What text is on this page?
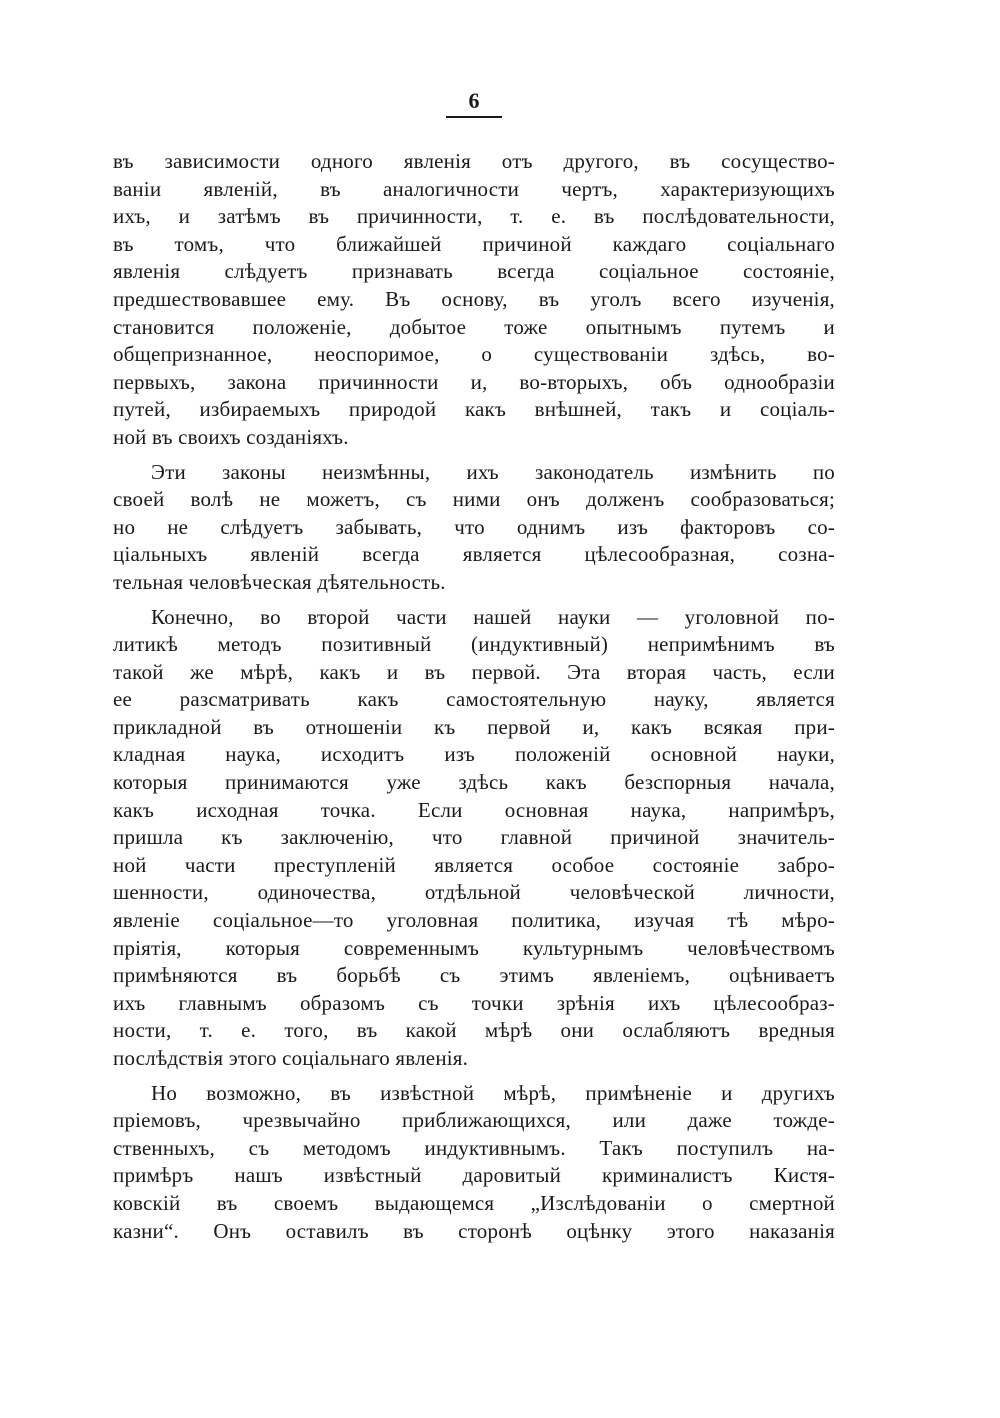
6
въ зависимости одного явленія отъ другого, въ сосущество-
ваніи явленій, въ аналогичности чертъ, характеризующихъ
ихъ, и затѣмъ въ причинности, т. е. въ послѣдовательности,
въ томъ, что ближайшей причиной каждаго соціальнаго
явленія слѣдуетъ признавать всегда соціальное состояніе,
предшествовавшее ему. Въ основу, въ уголъ всего изученія,
становится положеніе, добытое тоже опытнымъ путемъ и
общепризнанное, неоспоримое, о существованіи здѣсь, во-
первыхъ, закона причинности и, во-вторыхъ, объ однообразіи
путей, избираемыхъ природой какъ внѣшней, такъ и соціаль-
ной въ своихъ созданіяхъ.
Эти законы неизмѣнны, ихъ законодатель измѣнить по
своей волѣ не можетъ, съ ними онъ долженъ сообразоваться;
но не слѣдуетъ забывать, что однимъ изъ факторовъ со-
ціальныхъ явленій всегда является цѣлесообразная, созна-
тельная человѣческая дѣятельность.
Конечно, во второй части нашей науки — уголовной по-
литикѣ методъ позитивный (индуктивный) непримѣнимъ въ
такой же мѣрѣ, какъ и въ первой. Эта вторая часть, если
ее разсматривать какъ самостоятельную науку, является
прикладной въ отношеніи къ первой и, какъ всякая при-
кладная наука, исходитъ изъ положеній основной науки,
которыя принимаются уже здѣсь какъ безспорныя начала,
какъ исходная точка. Если основная наука, напримѣръ,
пришла къ заключенію, что главной причиной значитель-
ной части преступленій является особое состояніе забро-
шенности, одиночества, отдѣльной человѣческой личности,
явленіе соціальное—то уголовная политика, изучая тѣ мѣро-
пріятія, которыя современнымъ культурнымъ человѣчествомъ
примѣняются въ борьбѣ съ этимъ явленіемъ, оцѣниваетъ
ихъ главнымъ образомъ съ точки зрѣнія ихъ цѣлесообраз-
ности, т. е. того, въ какой мѣрѣ они ослабляютъ вредныя
послѣдствія этого соціальнаго явленія.
Но возможно, въ извѣстной мѣрѣ, примѣненіе и другихъ
пріемовъ, чрезвычайно приближающихся, или даже тожде-
ственныхъ, съ методомъ индуктивнымъ. Такъ поступилъ на-
примѣръ нашъ извѣстный даровитый криминалистъ Кистя-
ковскій въ своемъ выдающемся „Изслѣдованіи о смертной
казни“. Онъ оставилъ въ сторонѣ оцѣнку этого наказанія
